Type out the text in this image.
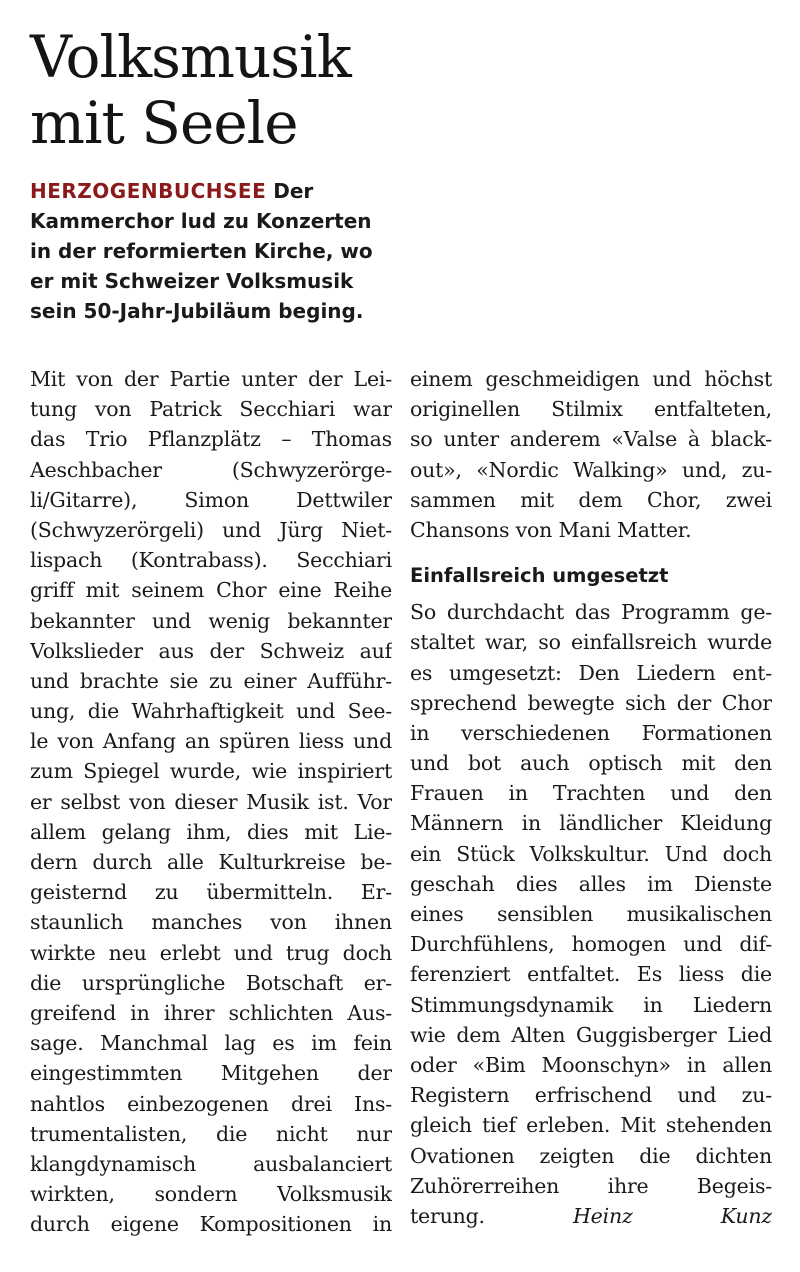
Volksmusik
mit Seele
HERZOGENBUCHSEE Der
Kammerchor lud zu Konzerten
in der reformierten Kirche, wo
er mit Schweizer Volksmusik
sein 50-Jahr-Jubiläum beging.
Mit von der Partie unter der Lei-
tung von Patrick Secchiari war
das Trio Pflanzplätz – Thomas
Aeschbacher (Schwyzerörge-
li/Gitarre), Simon Dettwiler
(Schwyzerörgeli) und Jürg Niet-
lispach (Kontrabass). Secchiari
griff mit seinem Chor eine Reihe
bekannter und wenig bekannter
Volkslieder aus der Schweiz auf
und brachte sie zu einer Aufführ-
ung, die Wahrhaftigkeit und See-
le von Anfang an spüren liess und
zum Spiegel wurde, wie inspiriert
er selbst von dieser Musik ist. Vor
allem gelang ihm, dies mit Lie-
dern durch alle Kulturkreise be-
geisternd zu übermitteln. Er-
staunlich manches von ihnen
wirkte neu erlebt und trug doch
die ursprüngliche Botschaft er-
greifend in ihrer schlichten Aus-
sage. Manchmal lag es im fein
eingestimmten Mitgehen der
nahtlos einbezogenen drei Ins-
trumentalisten, die nicht nur
klangdynamisch ausbalanciert
wirkten, sondern Volksmusik
durch eigene Kompositionen in
einem geschmeidigen und höchst
originellen Stilmix entfalteten,
so unter anderem «Valse à black-
out», «Nordic Walking» und, zu-
sammen mit dem Chor, zwei
Chansons von Mani Matter.
Einfallsreich umgesetzt
So durchdacht das Programm ge-
staltet war, so einfallsreich wurde
es umgesetzt: Den Liedern ent-
sprechend bewegte sich der Chor
in verschiedenen Formationen
und bot auch optisch mit den
Frauen in Trachten und den
Männern in ländlicher Kleidung
ein Stück Volkskultur. Und doch
geschah dies alles im Dienste
eines sensiblen musikalischen
Durchfühlens, homogen und dif-
ferenziert entfaltet. Es liess die
Stimmungsdynamik in Liedern
wie dem Alten Guggisberger Lied
oder «Bim Moonschyn» in allen
Registern erfrischend und zu-
gleich tief erleben. Mit stehenden
Ovationen zeigten die dichten
Zuhörerreihen ihre Begeis-
terung.	Heinz Kunz
